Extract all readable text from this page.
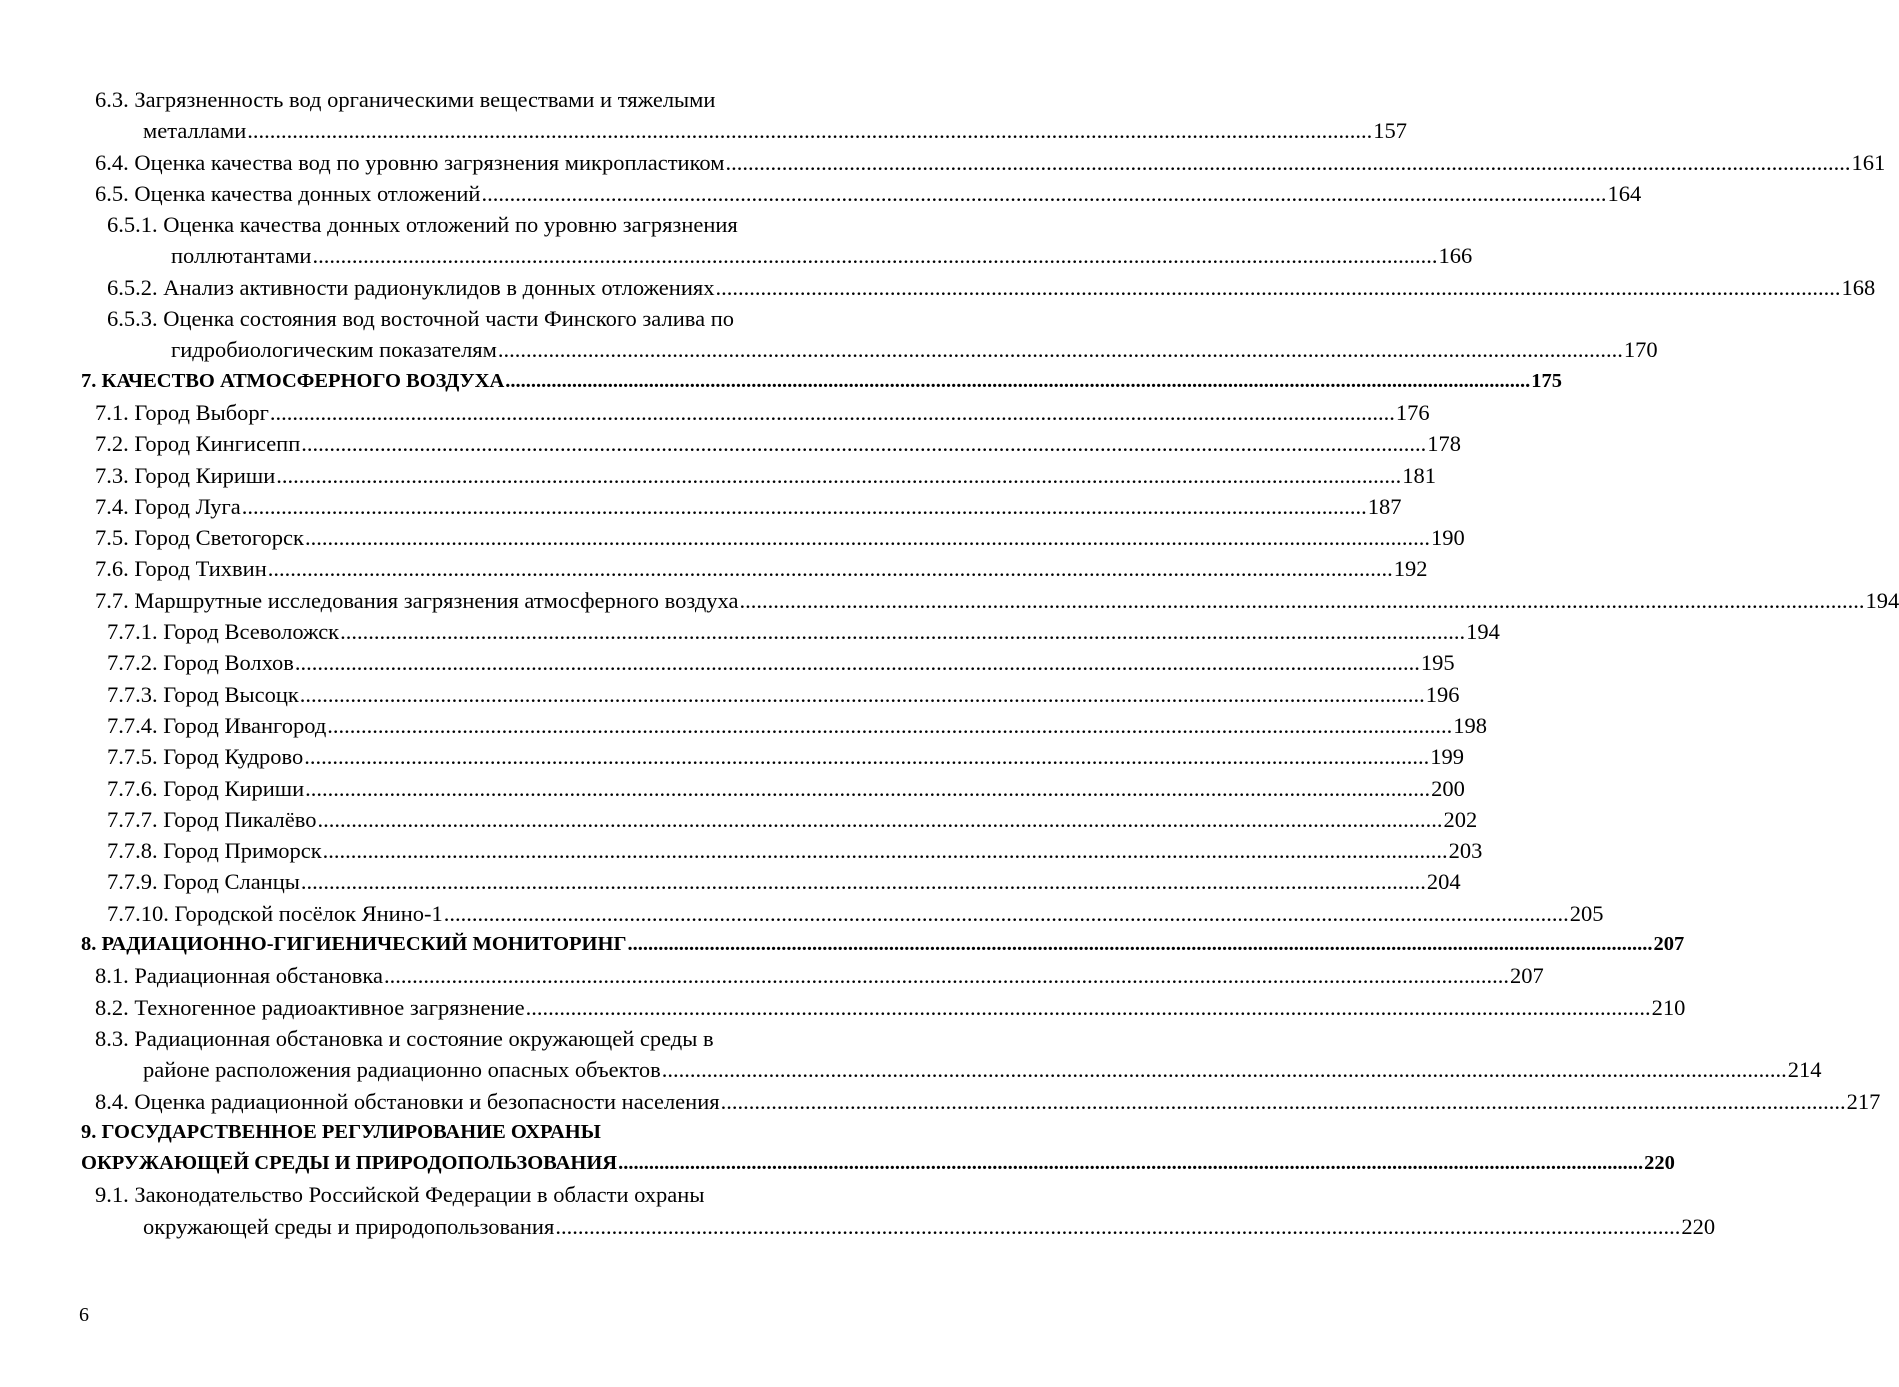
6.3. Загрязненность вод органическими веществами и тяжелыми
металлами ........................................................................................................................................................................................................ 157
6.4. Оценка качества вод по уровню загрязнения микропластиком ........................................................................................................................................................................................................ 161
6.5. Оценка качества донных отложений ........................................................................................................................................................................................................ 164
6.5.1. Оценка качества донных отложений по уровню загрязнения
поллютантами ........................................................................................................................................................................................................ 166
6.5.2. Анализ активности радионуклидов в донных отложениях ........................................................................................................................................................................................................ 168
6.5.3. Оценка состояния вод восточной части Финского залива по
гидробиологическим показателям ........................................................................................................................................................................................................ 170
7. КАЧЕСТВО АТМОСФЕРНОГО ВОЗДУХА ........................................................................................................................................................................................................ 175
7.1. Город Выборг ........................................................................................................................................................................................................ 176
7.2. Город Кингисепп ........................................................................................................................................................................................................ 178
7.3. Город Кириши ........................................................................................................................................................................................................ 181
7.4. Город Луга ........................................................................................................................................................................................................ 187
7.5. Город Светогорск ........................................................................................................................................................................................................ 190
7.6. Город Тихвин ........................................................................................................................................................................................................ 192
7.7. Маршрутные исследования загрязнения атмосферного воздуха ........................................................................................................................................................................................................ 194
7.7.1. Город Всеволожск ........................................................................................................................................................................................................ 194
7.7.2. Город Волхов ........................................................................................................................................................................................................ 195
7.7.3. Город Высоцк ........................................................................................................................................................................................................ 196
7.7.4. Город Ивангород ........................................................................................................................................................................................................ 198
7.7.5. Город Кудрово ........................................................................................................................................................................................................ 199
7.7.6. Город Кириши ........................................................................................................................................................................................................ 200
7.7.7. Город Пикалёво ........................................................................................................................................................................................................ 202
7.7.8. Город Приморск ........................................................................................................................................................................................................ 203
7.7.9. Город Сланцы ........................................................................................................................................................................................................ 204
7.7.10. Городской посёлок Янино-1 ........................................................................................................................................................................................................ 205
8. РАДИАЦИОННО-ГИГИЕНИЧЕСКИЙ МОНИТОРИНГ ........................................................................................................................................................................................................ 207
8.1. Радиационная обстановка ........................................................................................................................................................................................................ 207
8.2. Техногенное радиоактивное загрязнение ........................................................................................................................................................................................................ 210
8.3. Радиационная обстановка и состояние окружающей среды в
районе расположения радиационно опасных объектов ........................................................................................................................................................................................................ 214
8.4. Оценка радиационной обстановки и безопасности населения ........................................................................................................................................................................................................ 217
9. ГОСУДАРСТВЕННОЕ РЕГУЛИРОВАНИЕ ОХРАНЫ
ОКРУЖАЮЩЕЙ СРЕДЫ И ПРИРОДОПОЛЬЗОВАНИЯ ........................................................................................................................................................................................................ 220
9.1. Законодательство Российской Федерации в области охраны
окружающей среды и природопользования ........................................................................................................................................................................................................ 220
6
